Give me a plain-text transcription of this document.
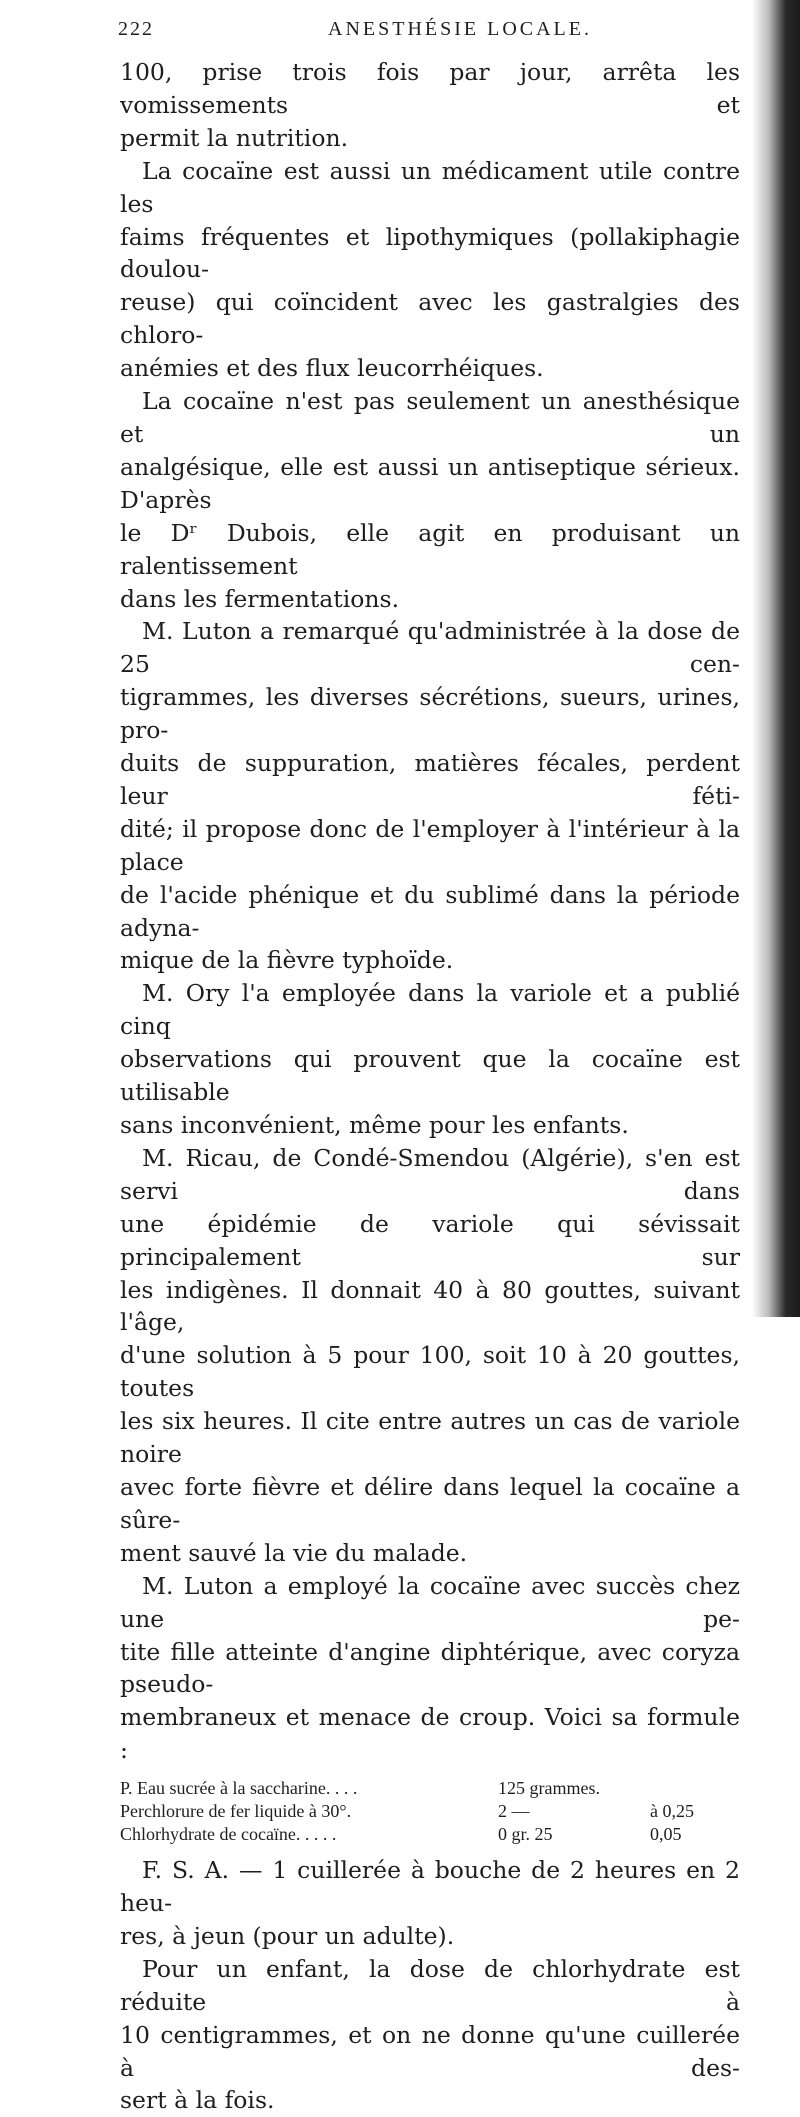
222	ANESTHÉSIE LOCALE.

100, prise trois fois par jour, arrêta les vomissements et

permit la nutrition.

La cocaïne est aussi un médicament utile contre les

faims fréquentes et lipothymiques (pollakiphagie doulou-

reuse) qui coïncident avec les gastralgies des chloro-

anémies et des flux leucorrhéiques.

La cocaïne n'est pas seulement un anesthésique et un

analgésique, elle est aussi un antiseptique sérieux. D'après

le Dʳ Dubois, elle agit en produisant un ralentissement

dans les fermentations.

M. Luton a remarqué qu'administrée à la dose de 25 cen-

tigrammes, les diverses sécrétions, sueurs, urines, pro-

duits de suppuration, matières fécales, perdent leur féti-

dité; il propose donc de l'employer à l'intérieur à la place

de l'acide phénique et du sublimé dans la période adyna-

mique de la fièvre typhoïde.

M. Ory l'a employée dans la variole et a publié cinq

observations qui prouvent que la cocaïne est utilisable

sans inconvénient, même pour les enfants.

M. Ricau, de Condé-Smendou (Algérie), s'en est servi dans

une épidémie de variole qui sévissait principalement sur

les indigènes. Il donnait 40 à 80 gouttes, suivant l'âge,

d'une solution à 5 pour 100, soit 10 à 20 gouttes, toutes

les six heures. Il cite entre autres un cas de variole noire

avec forte fièvre et délire dans lequel la cocaïne a sûre-

ment sauvé la vie du malade.

M. Luton a employé la cocaïne avec succès chez une pe-

tite fille atteinte d'angine diphtérique, avec coryza pseudo-

membraneux et menace de croup. Voici sa formule :

P. Eau sucrée à la saccharine. . . .	125 grammes.
Perchlorure de fer liquide à 30°.	2 —	à 0,25
Chlorhydrate de cocaïne. . . . .	0 gr. 25	0,05

F. S. A. — 1 cuillerée à bouche de 2 heures en 2 heu-

res, à jeun (pour un adulte).

Pour un enfant, la dose de chlorhydrate est réduite à

10 centigrammes, et on ne donne qu'une cuillerée à des-

sert à la fois.
